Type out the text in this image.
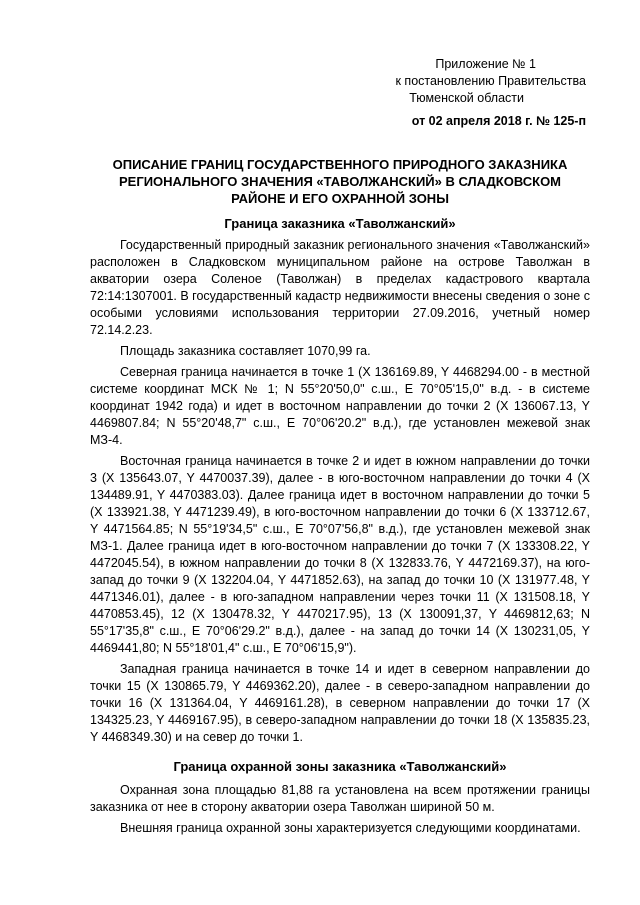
Приложение № 1
к постановлению Правительства
Тюменской области
от 02 апреля 2018 г. № 125-п
ОПИСАНИЕ ГРАНИЦ ГОСУДАРСТВЕННОГО ПРИРОДНОГО ЗАКАЗНИКА РЕГИОНАЛЬНОГО ЗНАЧЕНИЯ «ТАВОЛЖАНСКИЙ» В СЛАДКОВСКОМ РАЙОНЕ И ЕГО ОХРАННОЙ ЗОНЫ
Граница заказника «Таволжанский»

Государственный природный заказник регионального значения «Таволжанский» расположен в Сладковском муниципальном районе на острове Таволжан в акватории озера Соленое (Таволжан) в пределах кадастрового квартала 72:14:1307001. В государственный кадастр недвижимости внесены сведения о зоне с особыми условиями использования территории 27.09.2016, учетный номер 72.14.2.23.

Площадь заказника составляет 1070,99 га.

Северная граница начинается в точке 1 (X 136169.89, Y 4468294.00 - в местной системе координат МСК № 1; N 55°20'50,0" с.ш., E 70°05'15,0" в.д. - в системе координат 1942 года) и идет в восточном направлении до точки 2 (X 136067.13, Y 4469807.84; N 55°20'48,7" с.ш., E 70°06'20.2" в.д.), где установлен межевой знак МЗ-4.

Восточная граница начинается в точке 2 и идет в южном направлении до точки 3 (X 135643.07, Y 4470037.39), далее - в юго-восточном направлении до точки 4 (X 134489.91, Y 4470383.03). Далее граница идет в восточном направлении до точки 5 (X 133921.38, Y 4471239.49), в юго-восточном направлении до точки 6 (X 133712.67, Y 4471564.85; N 55°19'34,5" с.ш., E 70°07'56,8" в.д.), где установлен межевой знак МЗ-1. Далее граница идет в юго-восточном направлении до точки 7 (X 133308.22, Y 4472045.54), в южном направлении до точки 8 (X 132833.76, Y 4472169.37), на юго-запад до точки 9 (X 132204.04, Y 4471852.63), на запад до точки 10 (X 131977.48, Y 4471346.01), далее - в юго-западном направлении через точки 11 (X 131508.18, Y 4470853.45), 12 (X 130478.32, Y 4470217.95), 13 (X 130091,37, Y 4469812,63; N 55°17'35,8" с.ш., E 70°06'29.2" в.д.), далее - на запад до точки 14 (X 130231,05, Y 4469441,80; N 55°18'01,4" с.ш., E 70°06'15,9").

Западная граница начинается в точке 14 и идет в северном направлении до точки 15 (X 130865.79, Y 4469362.20), далее - в северо-западном направлении до точки 16 (X 131364.04, Y 4469161.28), в северном направлении до точки 17 (X 134325.23, Y 4469167.95), в северо-западном направлении до точки 18 (X 135835.23, Y 4468349.30) и на север до точки 1.

Граница охранной зоны заказника «Таволжанский»

Охранная зона площадью 81,88 га установлена на всем протяжении границы заказника от нее в сторону акватории озера Таволжан шириной 50 м.

Внешняя граница охранной зоны характеризуется следующими координатами.
